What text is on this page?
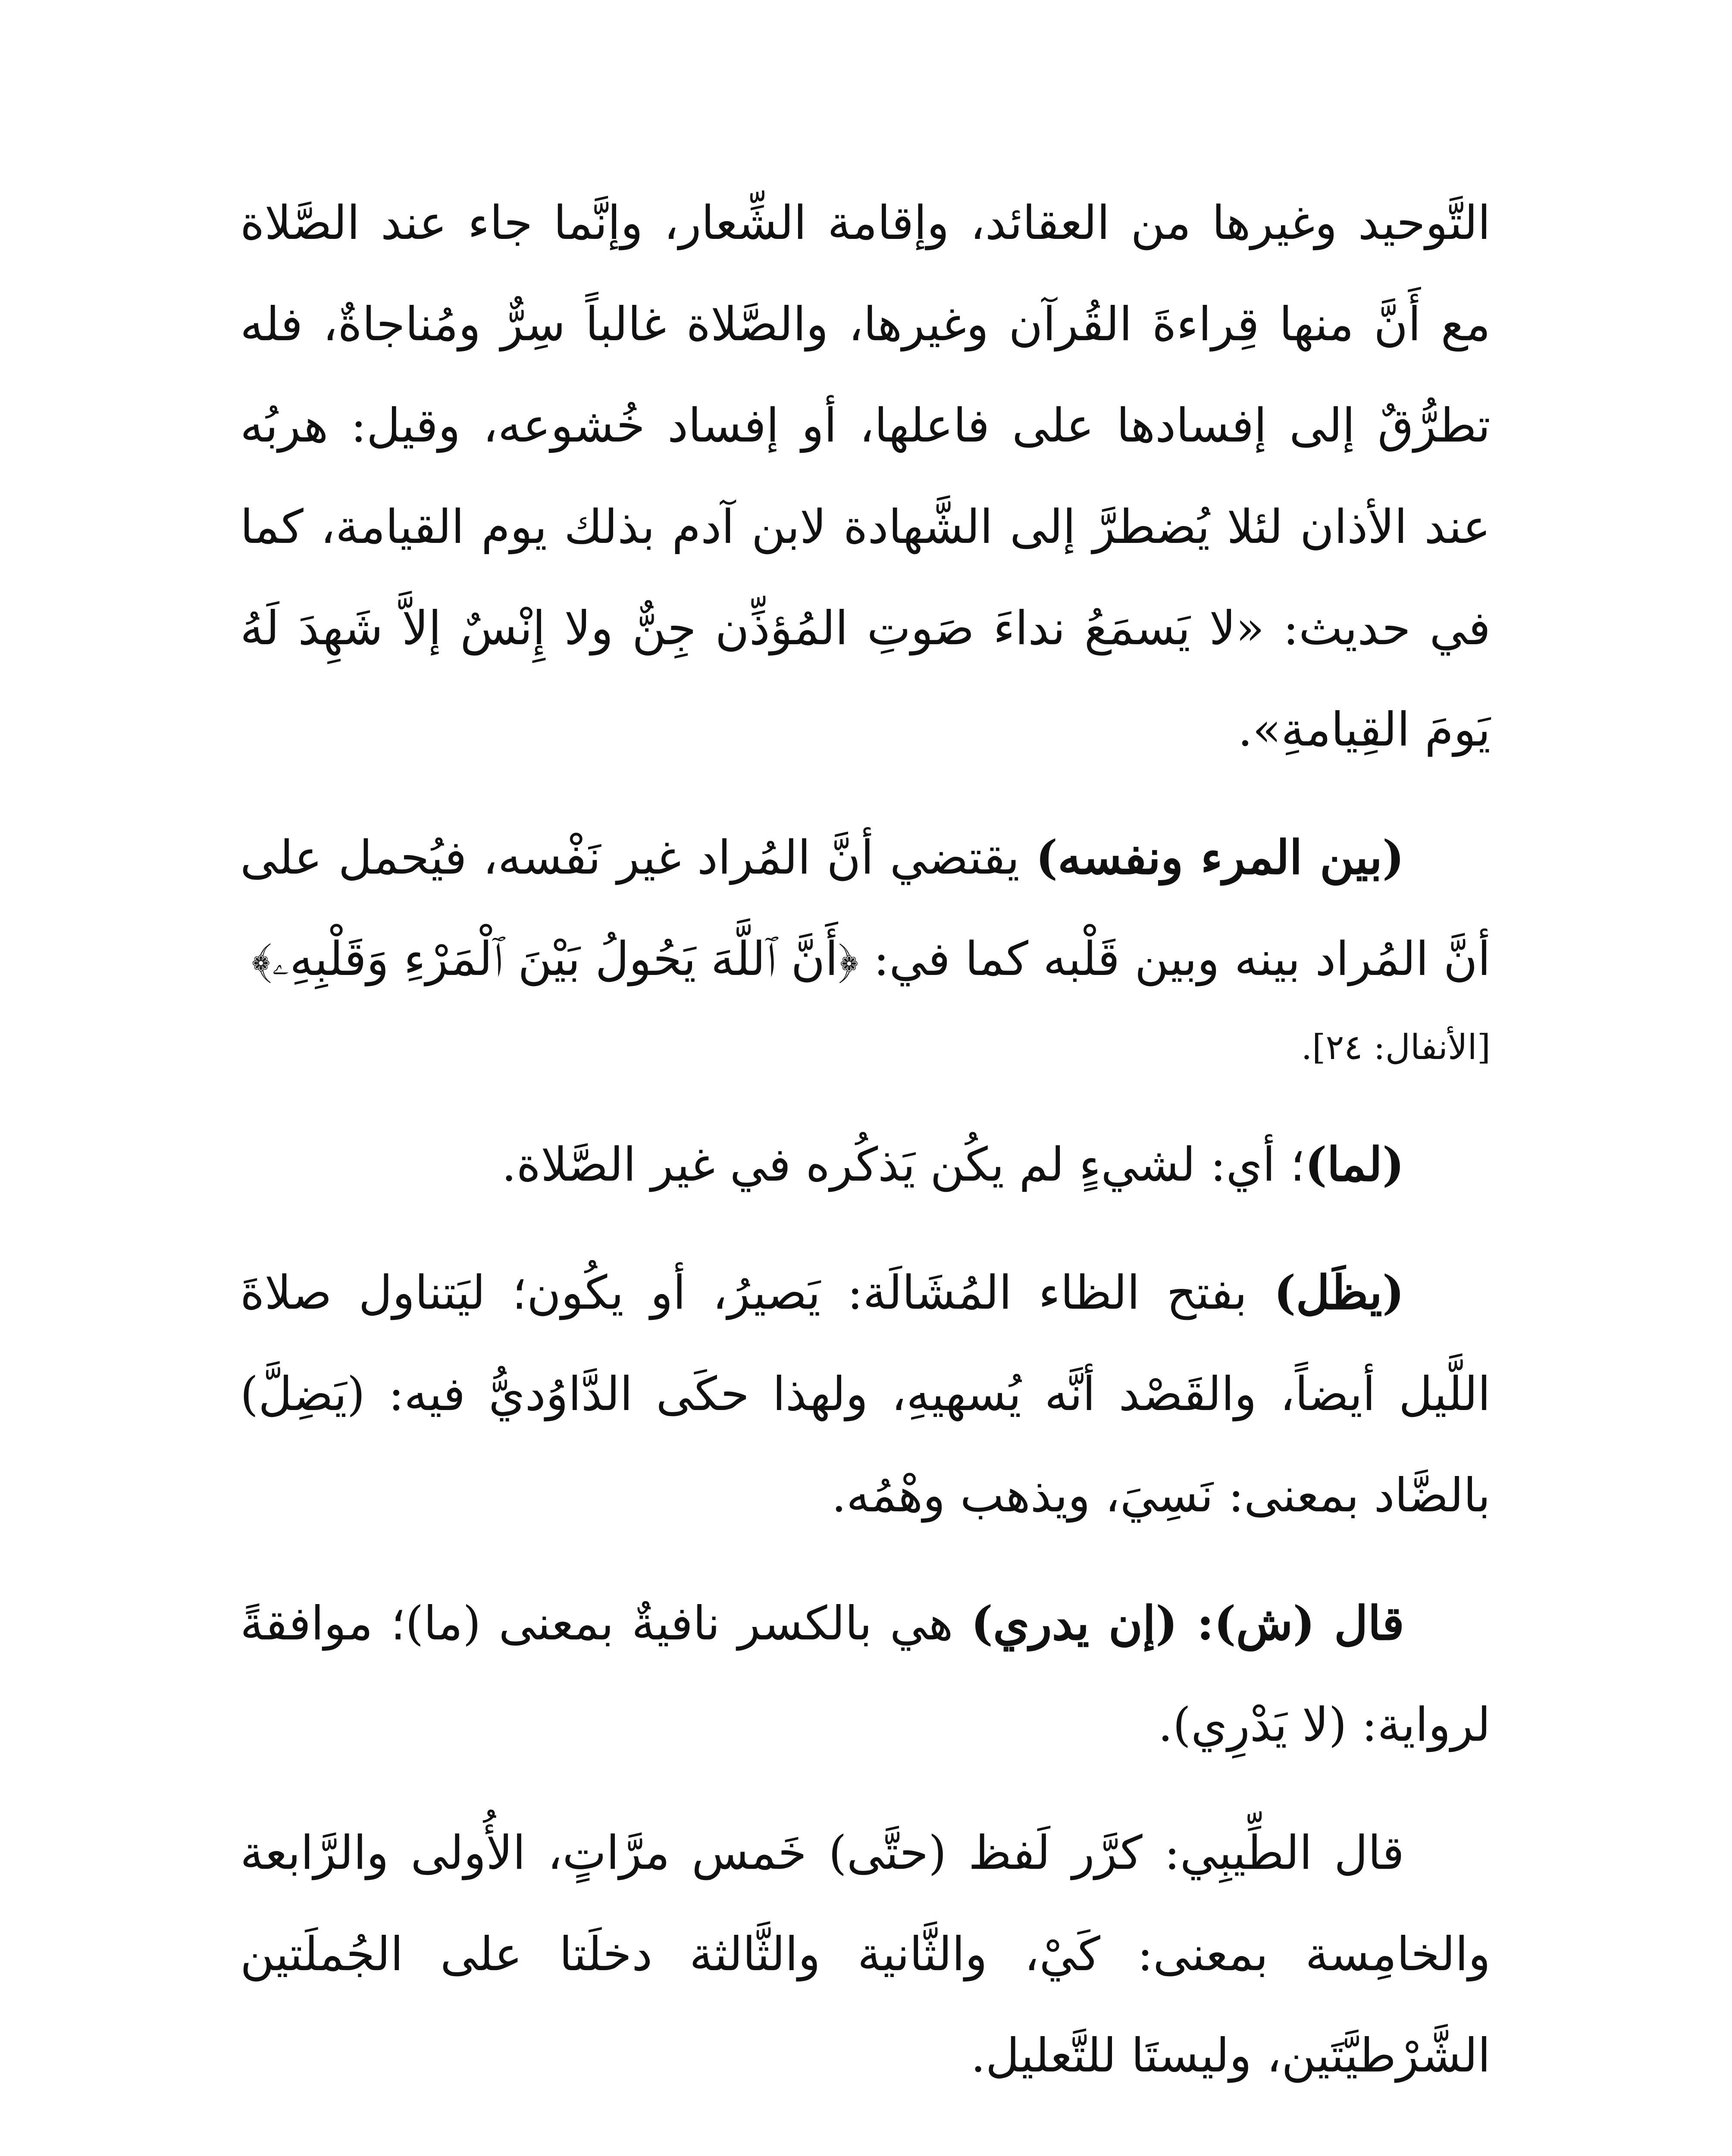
التَّوحيد وغيرها من العقائد، وإقامة الشِّعار، وإنَّما جاء عند الصَّلاة مع أَنَّ منها قِراءةَ القُرآن وغيرها، والصَّلاة غالباً سِرٌّ ومُناجاةٌ، فله تطرُّقٌ إلى إفسادها على فاعلها، أو إفساد خُشوعه، وقيل: هربُه عند الأذان لئلا يُضطرَّ إلى الشَّهادة لابن آدم بذلك يوم القيامة، كما في حديث: «لا يَسمَعُ نداءَ صَوتِ المُؤذِّن جِنٌّ ولا إِنْسٌ إلاَّ شَهِدَ لَهُ يَومَ القِيامةِ».

(بين المرء ونفسه) يقتضي أنَّ المُراد غير نَفْسه، فيُحمل على أنَّ المُراد بينه وبين قَلْبه كما في: ﴿أَنَّ ٱللَّهَ يَحُولُ بَيْنَ ٱلْمَرْءِ وَقَلْبِهِۦ﴾

[الأنفال: ٢٤].

(لما)؛ أي: لشيءٍ لم يكُن يَذكُره في غير الصَّلاة.

(يظَل) بفتح الظاء المُشَالَة: يَصيرُ، أو يكُون؛ ليَتناول صلاةَ اللَّيل أيضاً، والقَصْد أنَّه يُسهيهِ، ولهذا حكَى الدَّاوُديُّ فيه: (يَضِلَّ) بالضَّاد بمعنى: نَسِيَ، ويذهب وهْمُه.

قال (ش): (إن يدري) هي بالكسر نافيةٌ بمعنى (ما)؛ موافقةً لرواية: (لا يَدْرِي).

قال الطِّيبِي: كرَّر لَفظ (حتَّى) خَمس مرَّاتٍ، الأُولى والرَّابعة والخامِسة بمعنى: كَيْ، والثَّانية والثَّالثة دخلَتا على الجُملَتين الشَّرْطيَّتَين، وليستَا للتَّعليل.
